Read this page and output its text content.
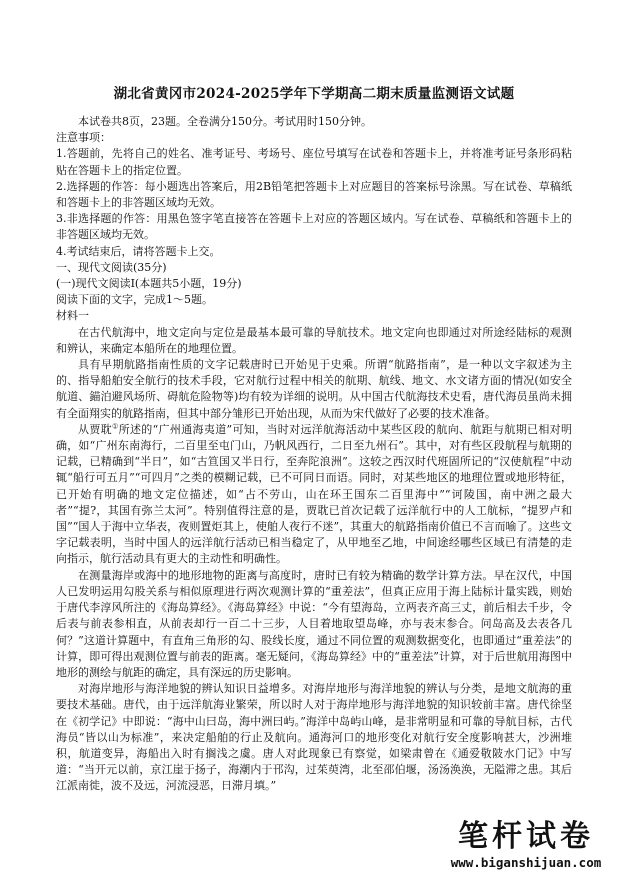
湖北省黄冈市2024-2025学年下学期高二期末质量监测语文试题

本试卷共8页，23题。全卷满分150分。考试用时150分钟。

注意事项：

1.答题前，先将自己的姓名、准考证号、考场号、座位号填写在试卷和答题卡上，并将准考证号条形码粘贴在答题卡上的指定位置。

2.选择题的作答：每小题选出答案后，用2B铅笔把答题卡上对应题目的答案标号涂黑。写在试卷、草稿纸和答题卡上的非答题区域均无效。

3.非选择题的作答：用黑色签字笔直接答在答题卡上对应的答题区域内。写在试卷、草稿纸和答题卡上的非答题区域均无效。

4.考试结束后，请将答题卡上交。

一、现代文阅读(35分)

(一)现代文阅读Ⅰ(本题共5小题，19分)

阅读下面的文字，完成1～5题。

材料一

在古代航海中，地文定向与定位是最基本最可靠的导航技术。地文定向也即通过对所途经陆标的观测和辨认，来确定本船所在的地理位置。

具有早期航路指南性质的文字记载唐时已开始见于史乘。所谓“航路指南”，是一种以文字叙述为主的、指导船舶安全航行的技术手段，它对航行过程中相关的航期、航线、地文、水文诸方面的情况(如安全航道、錨泊避风场所、碍航危险物等)均有较为详细的说明。从中国古代航海技术史看，唐代海员虽尚未拥有全面翔实的航路指南，但其中部分雏形已开始出现，从而为宋代做好了必要的技术准备。

从贾耽①所述的“广州通海夷道”可知，当时对远洋航海活动中某些区段的航向、航距与航期已相对明确，如“广州东南海行，二百里至屯门山，乃帆风西行，二日至九州石”。其中，对有些区段航程与航期的记载，已精确到“半日”，如“古笪国又半日行，至奔陀浪洲”。这较之西汉时代班固所记的“汉使航程”中动辄“船行可五月”“可四月”之类的模糊记载，已不可同日而语。同时，对某些地区的地理位置或地形特征，已开始有明确的地文定位描述，如“占不劳山，山在环王国东二百里海中”“诃陵国，南中洲之最大者”“提?，其国有弥兰太河”。特别值得注意的是，贾耽已首次记载了远洋航行中的人工航标，“提罗卢和国”“国人于海中立华表，夜则置炬其上，使舶人夜行不迷”，其重大的航路指南价值已不言而喻了。这些文字记载表明，当时中国人的远洋航行活动已相当稳定了，从甲地至乙地，中间途经哪些区域已有清楚的走向指示，航行活动具有更大的主动性和明确性。

在测量海岸或海中的地形地物的距离与高度时，唐时已有较为精确的数学计算方法。早在汉代，中国人已发明运用勾股关系与相似原理进行两次观测计算的“重差法”，但真正应用于海上陆标计量实践，则始于唐代李淳风所注的《海岛算经》。《海岛算经》中说：“今有望海岛，立两表齐高三丈，前后相去千步，令后表与前表参相直，从前表却行一百二十三步，人目着地取望岛峰，亦与表末参合。问岛高及去表各几何？”这道计算题中，有直角三角形的勾、股线长度，通过不同位置的观测数据变化，也即通过“重差法”的计算，即可得出观测位置与前表的距离。毫无疑问，《海岛算经》中的“重差法”计算，对于后世航用海图中地形的测绘与航距的确定，具有深远的历史影响。

对海岸地形与海洋地貌的辨认知识日益增多。对海岸地形与海洋地貌的辨认与分类，是地文航海的重要技术基础。唐代，由于远洋航海业繁荣，所以时人对于海岸地形与海洋地貌的知识较前丰富。唐代徐坚在《初学记》中即说：“海中山曰岛，海中洲曰屿。”海洋中岛屿山峰，是非常明显和可靠的导航目标，古代海员“皆以山为标准”，来决定船舶的行止及航向。通海河口的地形变化对航行安全度影响甚大，沙洲堆积，航道变异，海船出入时有搁浅之虞。唐人对此现象已有察觉，如梁肃曾在《通爱敬陂水门记》中写道：“当开元以前，京江崖于扬子，海潮内于邗沟，过茱萸湾，北至邵伯堰，汤汤涣涣，无隘滞之患。其后江派南徙，波不及远，河流浸恶，日滞月填。”

笔杆试卷
www.biganshijuan.com
